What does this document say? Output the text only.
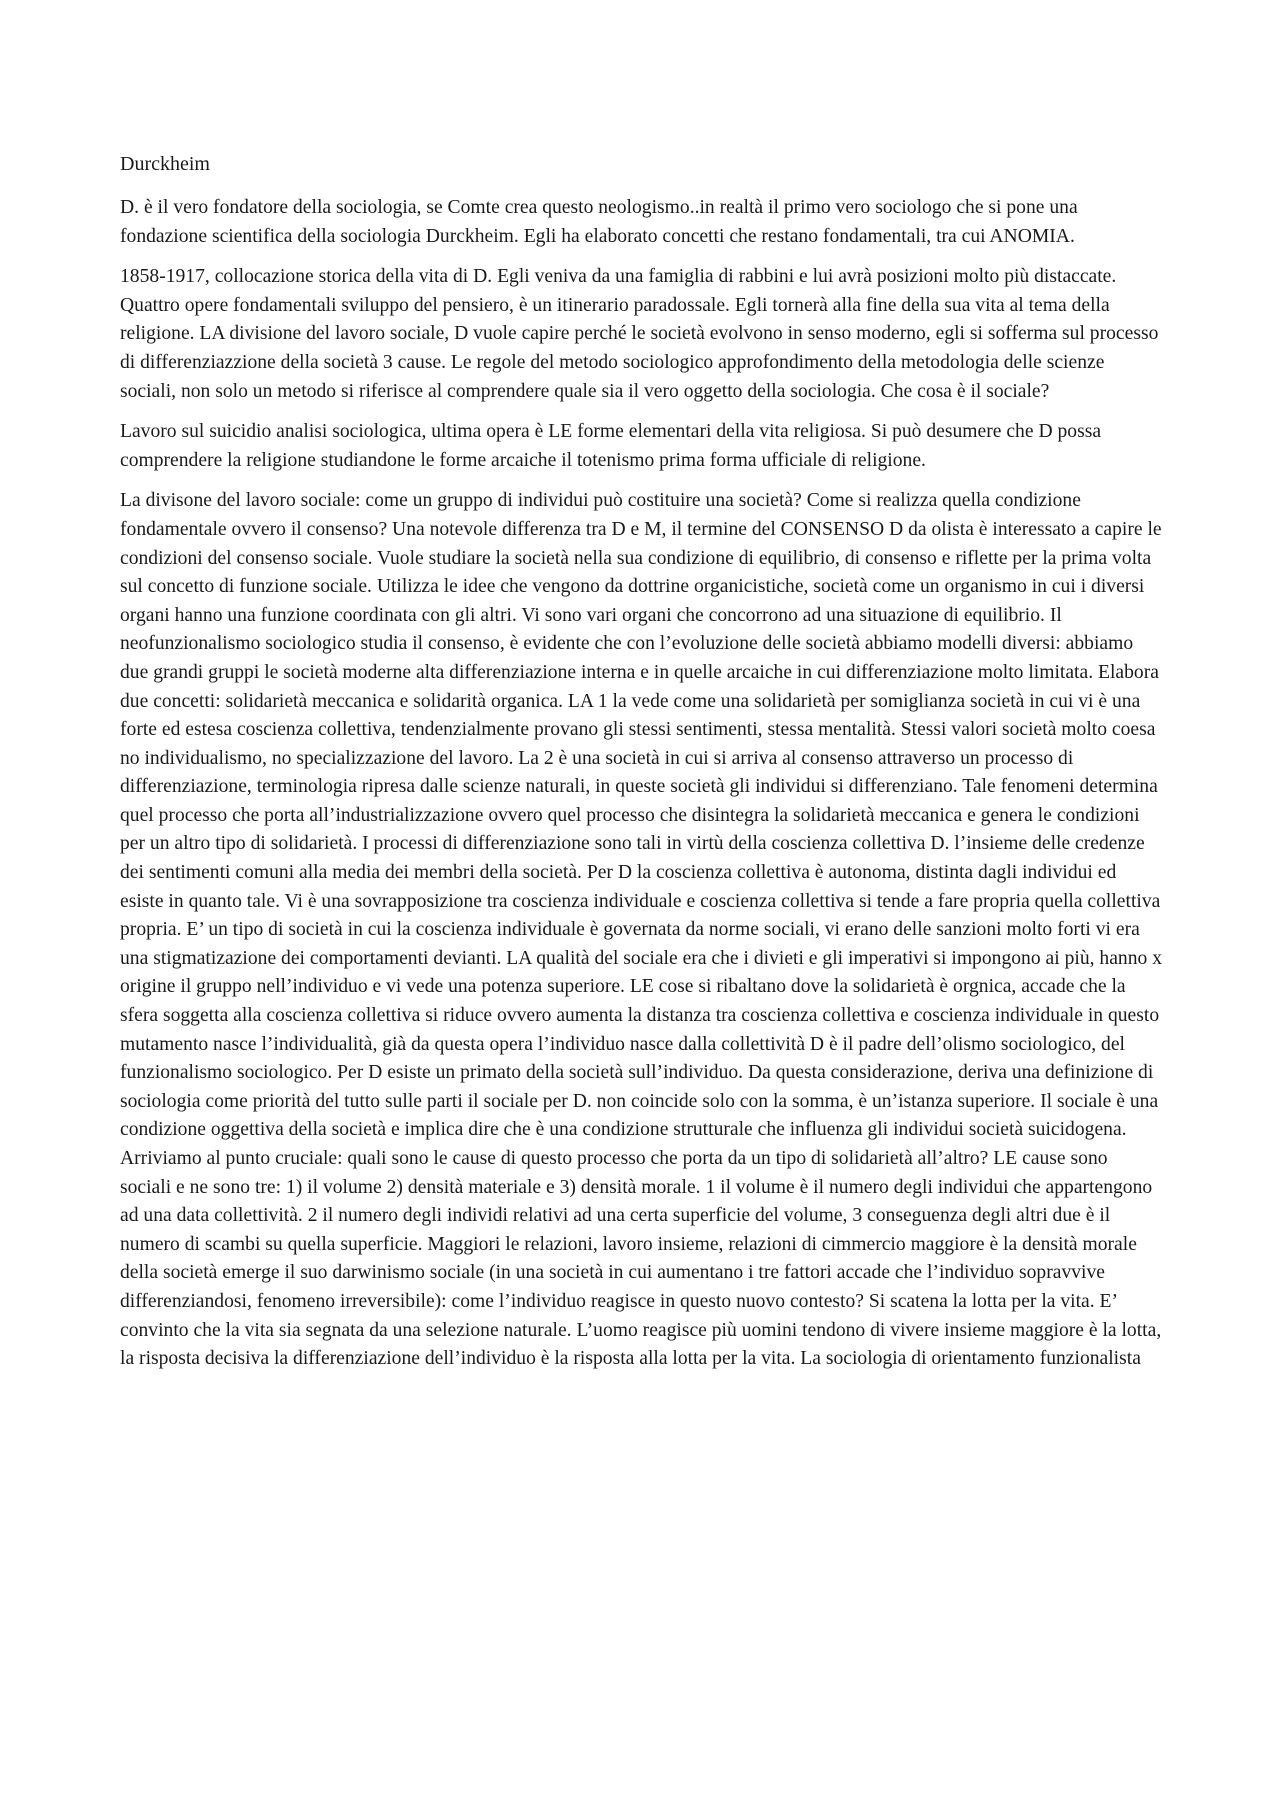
Durckheim

D. è il vero fondatore della sociologia, se Comte crea questo neologismo..in realtà il primo vero sociologo che si pone una fondazione scientifica della sociologia Durckheim. Egli ha elaborato concetti che restano fondamentali, tra cui ANOMIA.

1858-1917, collocazione storica della vita di D. Egli veniva da una famiglia di rabbini e lui avrà posizioni molto più distaccate. Quattro opere fondamentali sviluppo del pensiero, è un itinerario paradossale. Egli tornerà alla fine della sua vita al tema della religione. LA divisione del lavoro sociale, D vuole capire perché le società evolvono in senso moderno, egli si sofferma sul processo di differenziazzione della società 3 cause. Le regole del metodo sociologico approfondimento della metodologia delle scienze sociali, non solo un metodo si riferisce al comprendere quale sia il vero oggetto della sociologia. Che cosa è il sociale?

Lavoro sul suicidio analisi sociologica, ultima opera è LE forme elementari della vita religiosa. Si può desumere che D possa comprendere la religione studiandone le forme arcaiche il totenismo prima forma ufficiale di religione.

La divisone del lavoro sociale: come un gruppo di individui può costituire una società? Come si realizza quella condizione fondamentale ovvero il consenso? Una notevole differenza tra D e M, il termine del CONSENSO D da olista è interessato a capire le condizioni del consenso sociale. Vuole studiare la società nella sua condizione di equilibrio, di consenso e riflette per la prima volta sul concetto di funzione sociale. Utilizza le idee che vengono da dottrine organicistiche, società come un organismo in cui i diversi organi hanno una funzione coordinata con gli altri. Vi sono vari organi che concorrono ad una situazione di equilibrio. Il neofunzionalismo sociologico studia il consenso, è evidente che con l’evoluzione delle società abbiamo modelli diversi: abbiamo due grandi gruppi le società moderne alta differenziazione interna e in quelle arcaiche in cui differenziazione molto limitata. Elabora due concetti: solidarietà meccanica e solidarità organica. LA 1 la vede come una solidarietà per somiglianza società in cui vi è una forte ed estesa coscienza collettiva, tendenzialmente provano gli stessi sentimenti, stessa mentalità. Stessi valori società molto coesa no individualismo, no specializzazione del lavoro. La 2 è una società in cui si arriva al consenso attraverso un processo di differenziazione, terminologia ripresa dalle scienze naturali, in queste società gli individui si differenziano. Tale fenomeni determina quel processo che porta all’industrializzazione ovvero quel processo che disintegra la solidarietà meccanica e genera le condizioni per un altro tipo di solidarietà. I processi di differenziazione sono tali in virtù della coscienza collettiva D. l’insieme delle credenze dei sentimenti comuni alla media dei membri della società. Per D la coscienza collettiva è autonoma, distinta dagli individui ed esiste in quanto tale. Vi è una sovrapposizione tra coscienza individuale e coscienza collettiva si tende a fare propria quella collettiva propria. E’ un tipo di società in cui la coscienza individuale è governata da norme sociali, vi erano delle sanzioni molto forti vi era una stigmatizazione dei comportamenti devianti. LA qualità del sociale era che i divieti e gli imperativi si impongono ai più, hanno x origine il gruppo nell’individuo e vi vede una potenza superiore. LE cose si ribaltano dove la solidarietà è orgnica, accade che la sfera soggetta alla coscienza collettiva si riduce ovvero aumenta la distanza tra coscienza collettiva e coscienza individuale in questo mutamento nasce l’individualità, già da questa opera l’individuo nasce dalla collettività D è il padre dell’olismo sociologico, del funzionalismo sociologico. Per D esiste un primato della società sull’individuo. Da questa considerazione, deriva una definizione di sociologia come priorità del tutto sulle parti il sociale per D. non coincide solo con la somma, è un’istanza superiore. Il sociale è una condizione oggettiva della società e implica dire che è una condizione strutturale che influenza gli individui società suicidogena. Arriviamo al punto cruciale: quali sono le cause di questo processo che porta da un tipo di solidarietà all’altro? LE cause sono sociali e ne sono tre: 1) il volume 2) densità materiale e 3) densità morale. 1 il volume è il numero degli individui che appartengono ad una data collettività. 2 il numero degli individi relativi ad una certa superficie del volume, 3 conseguenza degli altri due è il numero di scambi su quella superficie. Maggiori le relazioni, lavoro insieme, relazioni di cimmercio maggiore è la densità morale della società emerge il suo darwinismo sociale (in una società in cui aumentano i tre fattori accade che l’individuo sopravvive differenziandosi, fenomeno irreversibile): come l’individuo reagisce in questo nuovo contesto? Si scatena la lotta per la vita. E’ convinto che la vita sia segnata da una selezione naturale. L’uomo reagisce più uomini tendono di vivere insieme maggiore è la lotta, la risposta decisiva la differenziazione dell’individuo è la risposta alla lotta per la vita. La sociologia di orientamento funzionalista
